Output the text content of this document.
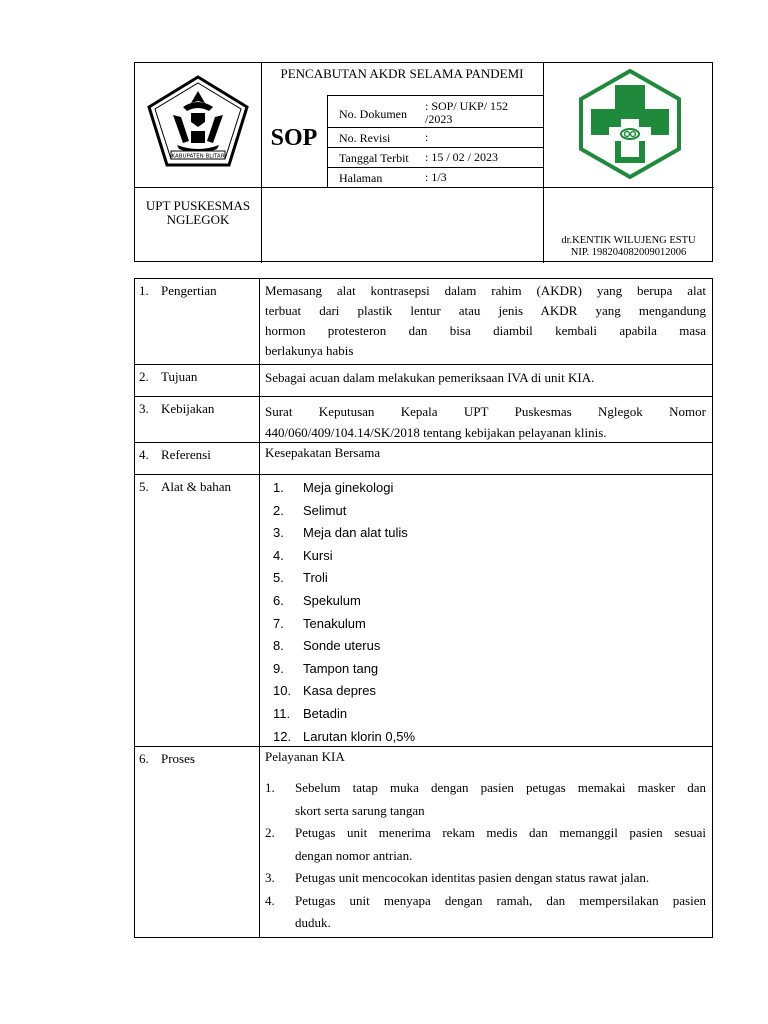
KABUPATEN BLITAR
PENCABUTAN AKDR SELAMA PANDEMI
SOP
No. Dokumen
: SOP/ UKP/ 152 /2023
No. Revisi	:
Tanggal Terbit : 15 / 02 / 2023
Halaman	: 1/3
UPT PUSKESMAS NGLEGOK
dr.KENTIK WILUJENG ESTU
NIP. 198204082009012006
1. Pengertian	Memasang alat kontrasepsi dalam rahim (AKDR) yang berupa alat
terbuat dari plastik lentur atau jenis AKDR yang mengandung
hormon protesteron dan bisa diambil kembali apabila masa
berlakunya habis
2. Tujuan	Sebagai acuan dalam melakukan pemeriksaan IVA di unit KIA.
3. Kebijakan	Surat Keputusan Kepala UPT Puskesmas Nglegok Nomor
440/060/409/104.14/SK/2018 tentang kebijakan pelayanan klinis.
4. Referensi	Kesepakatan Bersama
5. Alat & bahan	1. Meja ginekologi
2. Selimut
3. Meja dan alat tulis
4. Kursi
5. Troli
6. Spekulum
7. Tenakulum
8. Sonde uterus
9. Tampon tang
10. Kasa depres
11. Betadin
12. Larutan klorin 0,5%
6. Proses	Pelayanan KIA
1. Sebelum tatap muka dengan pasien petugas memakai masker dan
skort serta sarung tangan
2. Petugas unit menerima rekam medis dan memanggil pasien sesuai
dengan nomor antrian.
3. Petugas unit mencocokan identitas pasien dengan status rawat jalan.
4. Petugas unit menyapa dengan ramah, dan mempersilakan pasien
duduk.
